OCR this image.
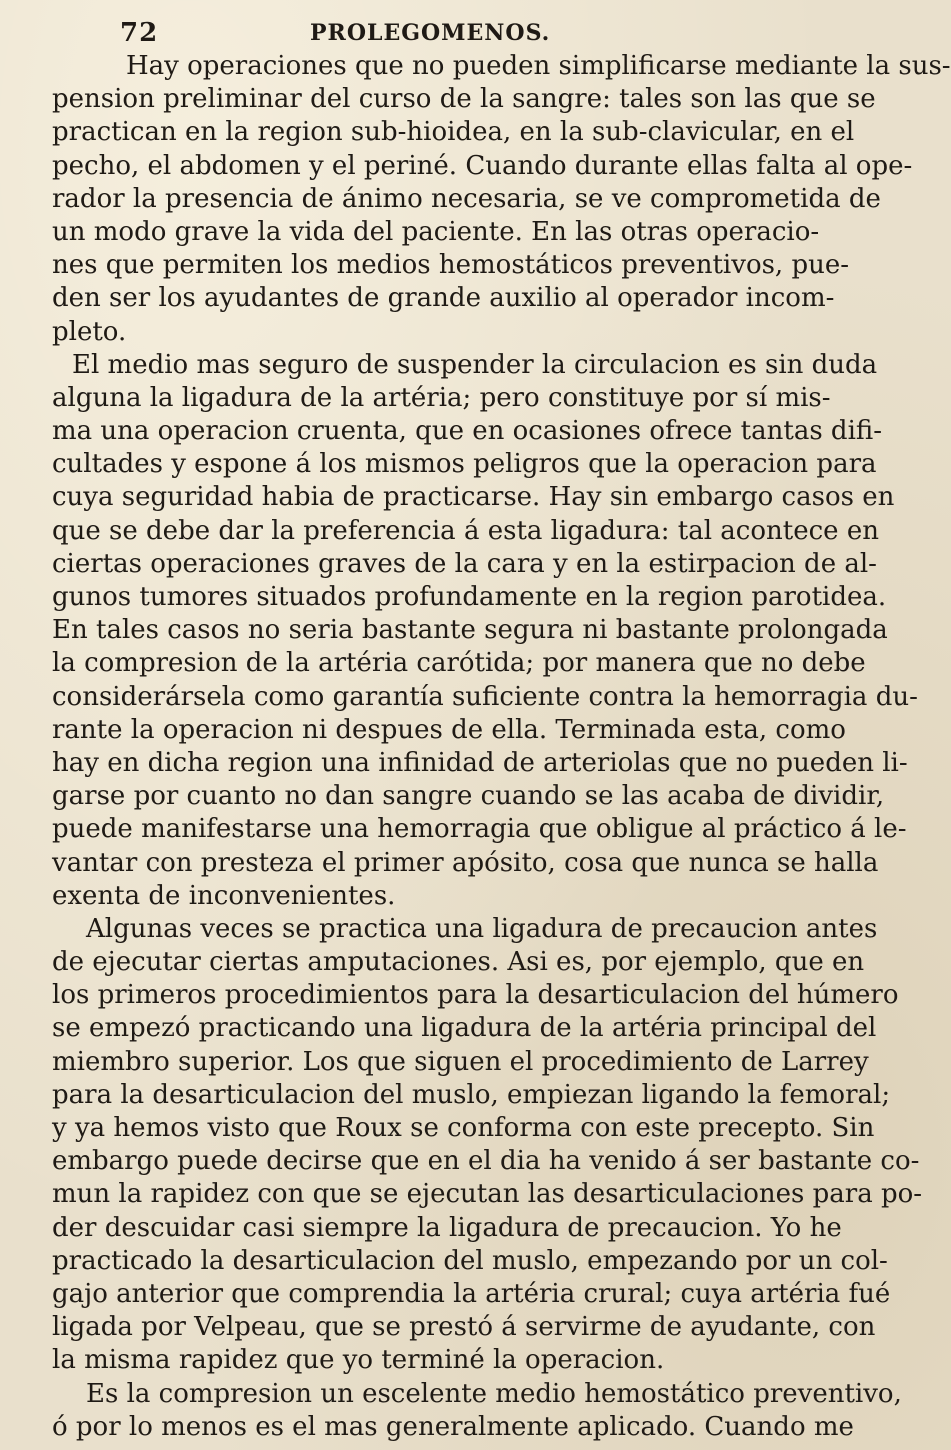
72	PROLEGOMENOS.
Hay operaciones que no pueden simplificarse mediante la sus-
pension preliminar del curso de la sangre: tales son las que se
practican en la region sub-hioidea, en la sub-clavicular, en el
pecho, el abdomen y el periné. Cuando durante ellas falta al ope-
rador la presencia de ánimo necesaria, se ve comprometida de
un modo grave la vida del paciente. En las otras operacio-
nes que permiten los medios hemostáticos preventivos, pue-
den ser los ayudantes de grande auxilio al operador incom-
pleto.
El medio mas seguro de suspender la circulacion es sin duda
alguna la ligadura de la artéria; pero constituye por sí mis-
ma una operacion cruenta, que en ocasiones ofrece tantas difi-
cultades y espone á los mismos peligros que la operacion para
cuya seguridad habia de practicarse. Hay sin embargo casos en
que se debe dar la preferencia á esta ligadura: tal acontece en
ciertas operaciones graves de la cara y en la estirpacion de al-
gunos tumores situados profundamente en la region parotidea.
En tales casos no seria bastante segura ni bastante prolongada
la compresion de la artéria carótida; por manera que no debe
considerársela como garantía suficiente contra la hemorragia du-
rante la operacion ni despues de ella. Terminada esta, como
hay en dicha region una infinidad de arteriolas que no pueden li-
garse por cuanto no dan sangre cuando se las acaba de dividir,
puede manifestarse una hemorragia que obligue al práctico á le-
vantar con presteza el primer apósito, cosa que nunca se halla
exenta de inconvenientes.
Algunas veces se practica una ligadura de precaucion antes
de ejecutar ciertas amputaciones. Asi es, por ejemplo, que en
los primeros procedimientos para la desarticulacion del húmero
se empezó practicando una ligadura de la artéria principal del
miembro superior. Los que siguen el procedimiento de Larrey
para la desarticulacion del muslo, empiezan ligando la femoral;
y ya hemos visto que Roux se conforma con este precepto. Sin
embargo puede decirse que en el dia ha venido á ser bastante co-
mun la rapidez con que se ejecutan las desarticulaciones para po-
der descuidar casi siempre la ligadura de precaucion. Yo he
practicado la desarticulacion del muslo, empezando por un col-
gajo anterior que comprendia la artéria crural; cuya artéria fué
ligada por Velpeau, que se prestó á servirme de ayudante, con
la misma rapidez que yo terminé la operacion.
Es la compresion un escelente medio hemostático preventivo,
ó por lo menos es el mas generalmente aplicado. Cuando me
